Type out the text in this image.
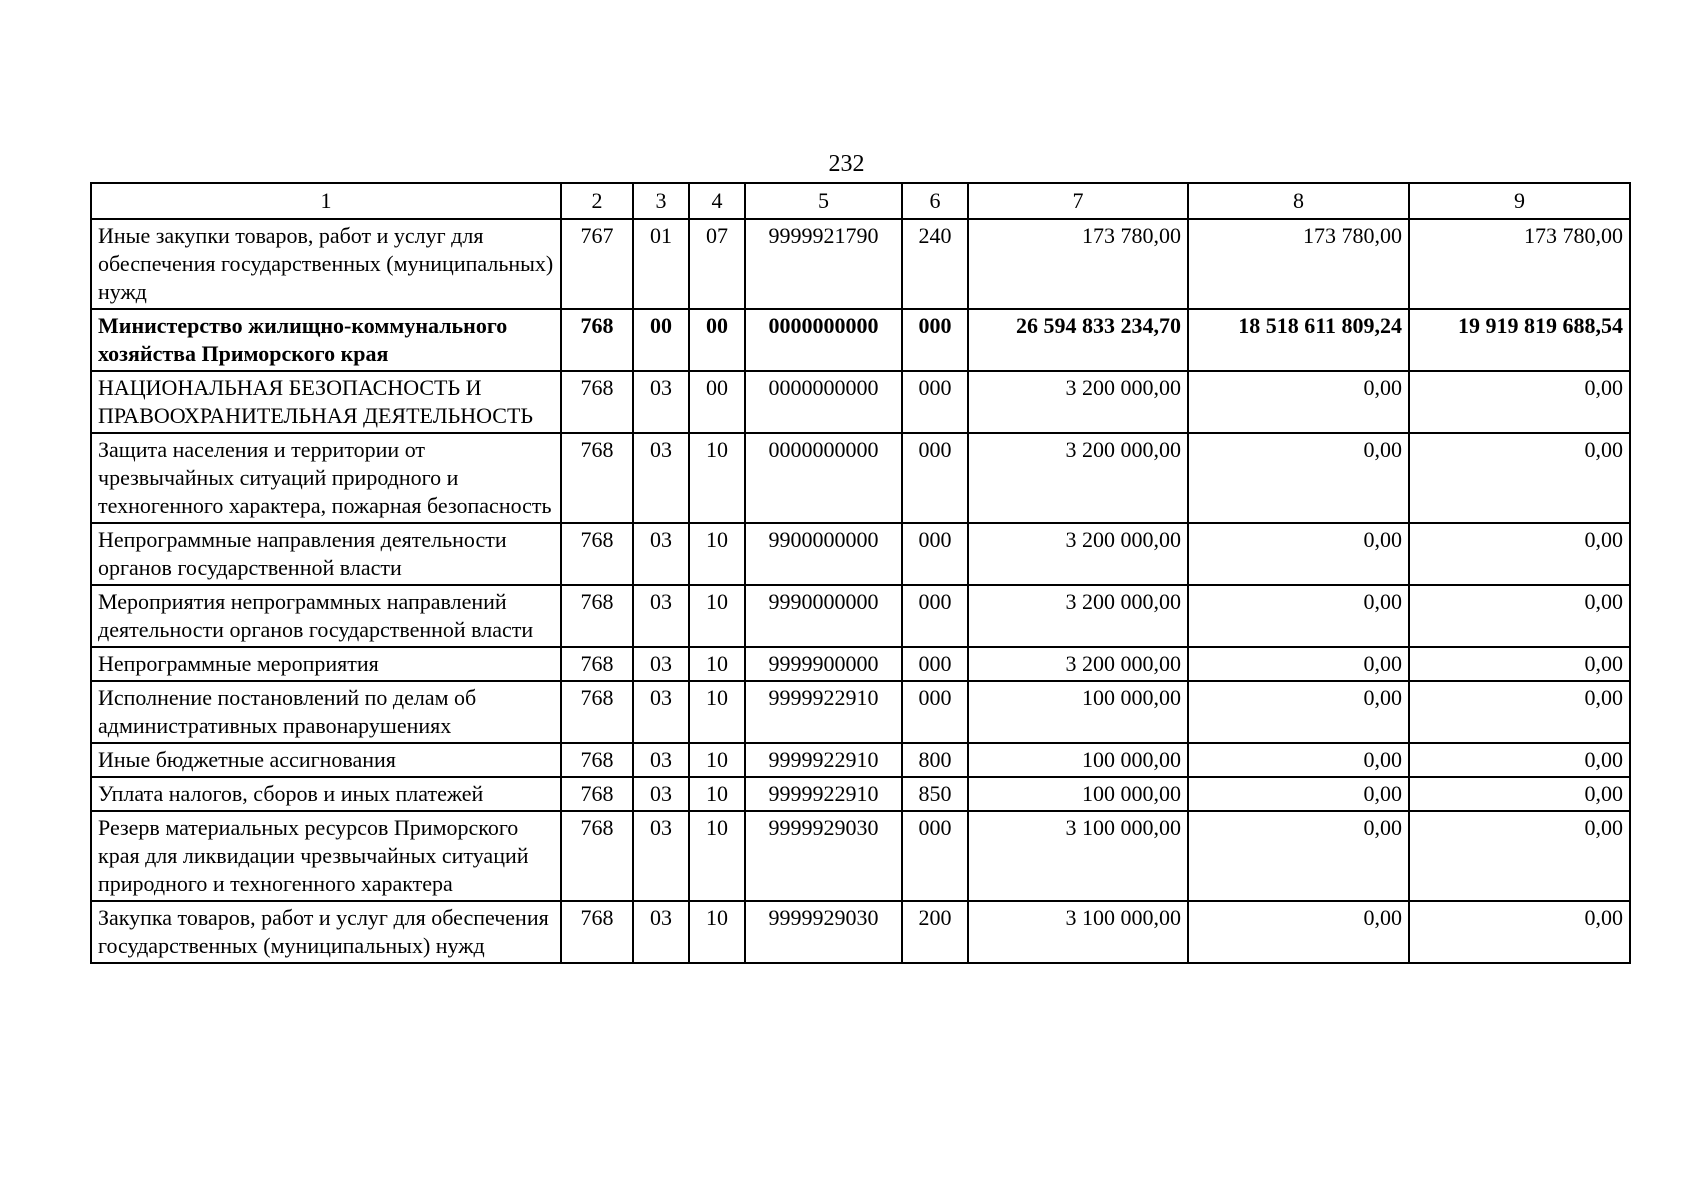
232
1	2	3	4	5	6	7	8	9
Иные закупки товаров, работ и услуг для обеспечения государственных (муниципальных) нужд	767	01	07	9999921790	240	173 780,00	173 780,00	173 780,00
Министерство жилищно-коммунального хозяйства Приморского края	768	00	00	0000000000	000	26 594 833 234,70	18 518 611 809,24	19 919 819 688,54
НАЦИОНАЛЬНАЯ БЕЗОПАСНОСТЬ И ПРАВООХРАНИТЕЛЬНАЯ ДЕЯТЕЛЬНОСТЬ	768	03	00	0000000000	000	3 200 000,00	0,00	0,00
Защита населения и территории от чрезвычайных ситуаций природного и техногенного характера, пожарная безопасность	768	03	10	0000000000	000	3 200 000,00	0,00	0,00
Непрограммные направления деятельности органов государственной власти	768	03	10	9900000000	000	3 200 000,00	0,00	0,00
Мероприятия непрограммных направлений деятельности органов государственной власти	768	03	10	9990000000	000	3 200 000,00	0,00	0,00
Непрограммные мероприятия	768	03	10	9999900000	000	3 200 000,00	0,00	0,00
Исполнение постановлений по делам об административных правонарушениях	768	03	10	9999922910	000	100 000,00	0,00	0,00
Иные бюджетные ассигнования	768	03	10	9999922910	800	100 000,00	0,00	0,00
Уплата налогов, сборов и иных платежей	768	03	10	9999922910	850	100 000,00	0,00	0,00
Резерв материальных ресурсов Приморского края для ликвидации чрезвычайных ситуаций природного и техногенного характера	768	03	10	9999929030	000	3 100 000,00	0,00	0,00
Закупка товаров, работ и услуг для обеспечения государственных (муниципальных) нужд	768	03	10	9999929030	200	3 100 000,00	0,00	0,00
